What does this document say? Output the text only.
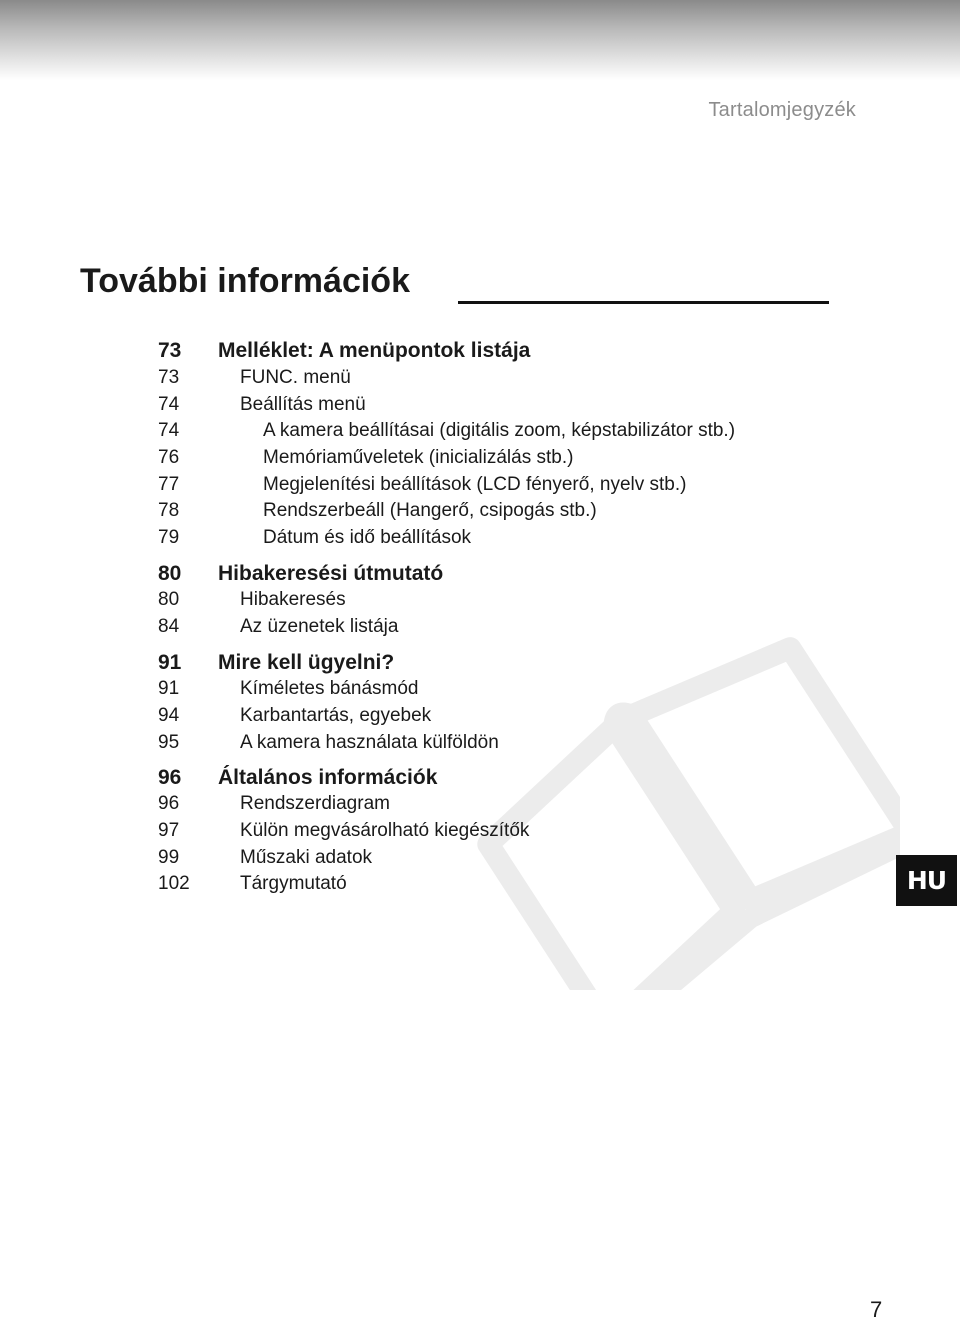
Tartalomjegyzék
További információk
73 Melléklet: A menüpontok listája
73	FUNC. menü
74	Beállítás menü
74	A kamera beállításai (digitális zoom, képstabilizátor stb.)
76	Memóriaműveletek (inicializálás stb.)
77	Megjelenítési beállítások (LCD fényerő, nyelv stb.)
78	Rendszerbeáll (Hangerő, csipogás stb.)
79	Dátum és idő beállítások
80 Hibakeresési útmutató
80	Hibakeresés
84	Az üzenetek listája
91 Mire kell ügyelni?
91	Kíméletes bánásmód
94	Karbantartás, egyebek
95	A kamera használata külföldön
96 Általános információk
96	Rendszerdiagram
97	Külön megvásárolható kiegészítők
99	Műszaki adatok
102	Tárgymutató	HU
7
